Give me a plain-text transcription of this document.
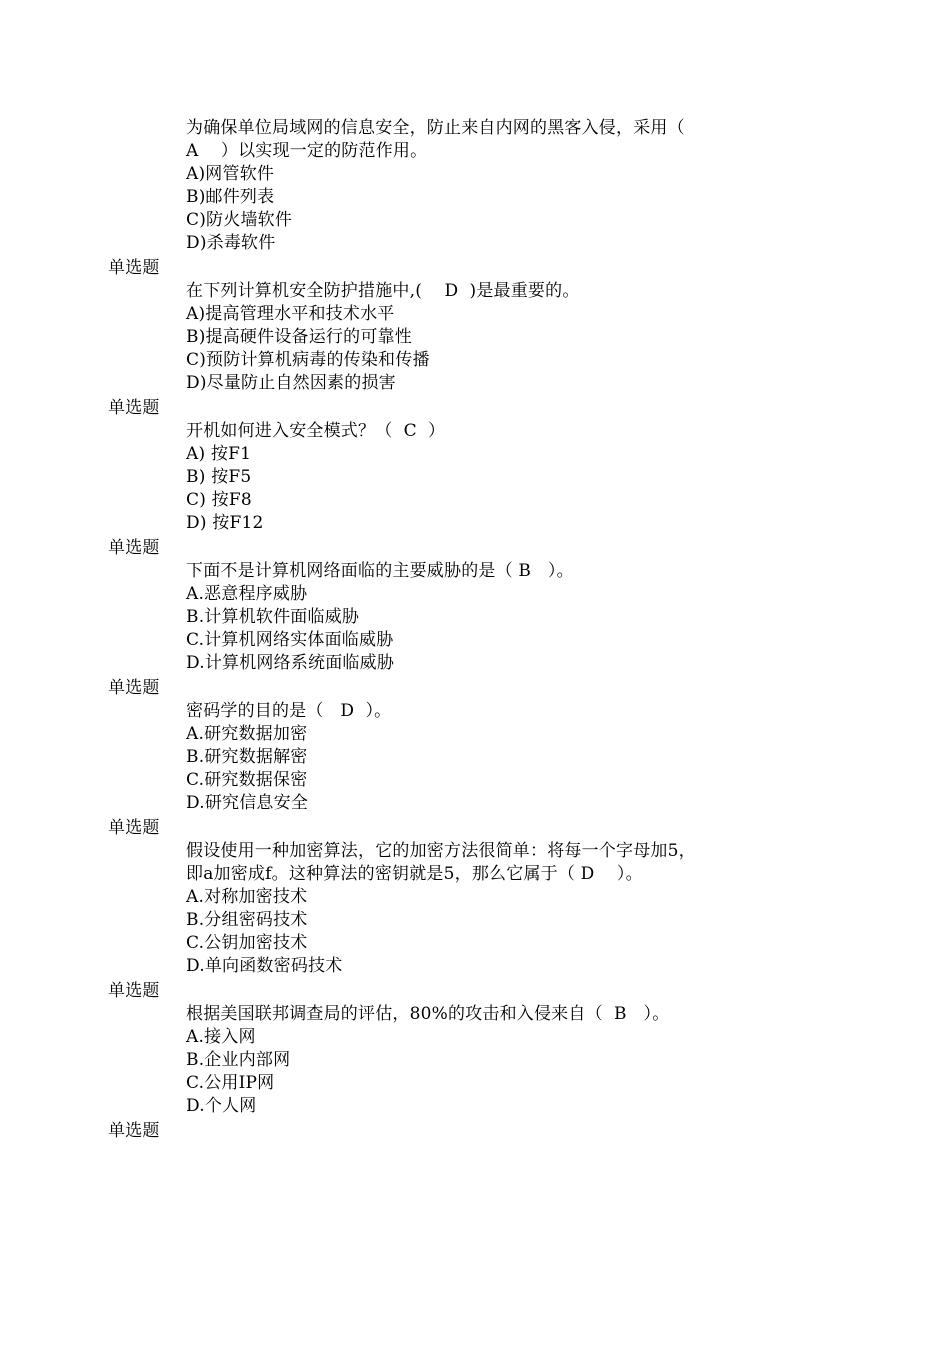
为确保单位局域网的信息安全，防止来自内网的黑客入侵，采用（
A    ）以实现一定的防范作用。
A)网管软件
B)邮件列表
C)防火墙软件
D)杀毒软件
单选题
在下列计算机安全防护措施中,(    D  )是最重要的。
A)提高管理水平和技术水平
B)提高硬件设备运行的可靠性
C)预防计算机病毒的传染和传播
D)尽量防止自然因素的损害
单选题
开机如何进入安全模式？（  C  ）
A) 按F1
B) 按F5
C) 按F8
D) 按F12
单选题
下面不是计算机网络面临的主要威胁的是（ B   ）。
A.恶意程序威胁
B.计算机软件面临威胁
C.计算机网络实体面临威胁
D.计算机网络系统面临威胁
单选题
密码学的目的是（   D  ）。
A.研究数据加密
B.研究数据解密
C.研究数据保密
D.研究信息安全
单选题
假设使用一种加密算法，它的加密方法很简单：将每一个字母加5，
即a加密成f。这种算法的密钥就是5，那么它属于（ D    ）。
A.对称加密技术
B.分组密码技术
C.公钥加密技术
D.单向函数密码技术
单选题
根据美国联邦调查局的评估，80%的攻击和入侵来自（  B   ）。
A.接入网
B.企业内部网
C.公用IP网
D.个人网
单选题
